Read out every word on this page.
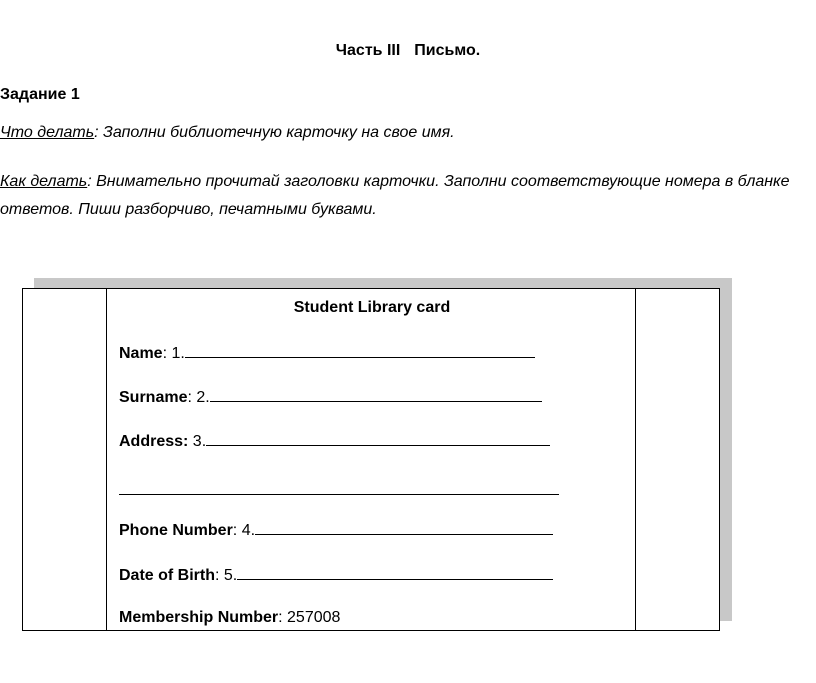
Часть III Письмо.
Задание 1
Что делать: Заполни библиотечную карточку на свое имя.
Как делать: Внимательно прочитай заголовки карточки. Заполни соответствующие номера в бланке ответов. Пиши разборчиво, печатными буквами.
Student Library card
Name: 1.
Surname: 2.
Address: 3.
Phone Number: 4.
Date of Birth: 5.
Membership Number: 257008
